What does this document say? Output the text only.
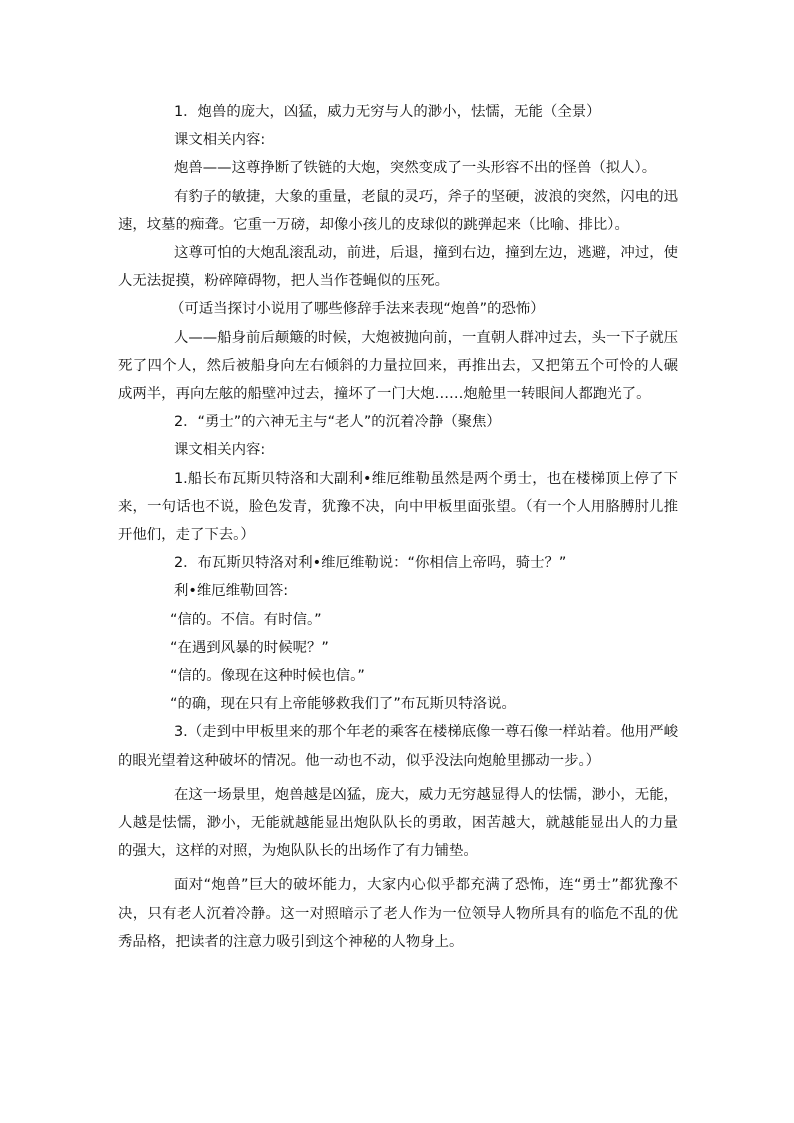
1．炮兽的庞大，凶猛，威力无穷与人的渺小，怯懦，无能（全景）

课文相关内容:

炮兽——这尊挣断了铁链的大炮，突然变成了一头形容不出的怪兽（拟人）。

有豹子的敏捷，大象的重量，老鼠的灵巧，斧子的坚硬，波浪的突然，闪电的迅速，坟墓的痴聋。它重一万磅，却像小孩儿的皮球似的跳弹起来（比喻、排比）。

这尊可怕的大炮乱滚乱动，前进，后退，撞到右边，撞到左边，逃避，冲过，使人无法捉摸，粉碎障碍物，把人当作苍蝇似的压死。

（可适当探讨小说用了哪些修辞手法来表现“炮兽”的恐怖）

人——船身前后颠簸的时候，大炮被抛向前，一直朝人群冲过去，头一下子就压死了四个人，然后被船身向左右倾斜的力量拉回来，再推出去，又把第五个可怜的人碾成两半，再向左舷的船壁冲过去，撞坏了一门大炮……炮舱里一转眼间人都跑光了。

2．“勇士”的六神无主与“老人”的沉着冷静（聚焦）

课文相关内容:

1.船长布瓦斯贝特洛和大副利•维厄维勒虽然是两个勇士，也在楼梯顶上停了下来，一句话也不说，脸色发青，犹豫不决，向中甲板里面张望。（有一个人用胳膊肘儿推开他们，走了下去。）

2．布瓦斯贝特洛对利•维厄维勒说：“你相信上帝吗，骑士？”

利•维厄维勒回答:

“信的。不信。有时信。”

“在遇到风暴的时候呢？”

“信的。像现在这种时候也信。”

“的确，现在只有上帝能够救我们了”布瓦斯贝特洛说。

3.（走到中甲板里来的那个年老的乘客在楼梯底像一尊石像一样站着。他用严峻的眼光望着这种破坏的情况。他一动也不动，似乎没法向炮舱里挪动一步。）

在这一场景里，炮兽越是凶猛，庞大，威力无穷越显得人的怯懦，渺小，无能，人越是怯懦，渺小，无能就越能显出炮队队长的勇敢，困苦越大，就越能显出人的力量的强大，这样的对照，为炮队队长的出场作了有力铺垫。

面对“炮兽”巨大的破坏能力，大家内心似乎都充满了恐怖，连“勇士”都犹豫不决，只有老人沉着冷静。这一对照暗示了老人作为一位领导人物所具有的临危不乱的优秀品格，把读者的注意力吸引到这个神秘的人物身上。
